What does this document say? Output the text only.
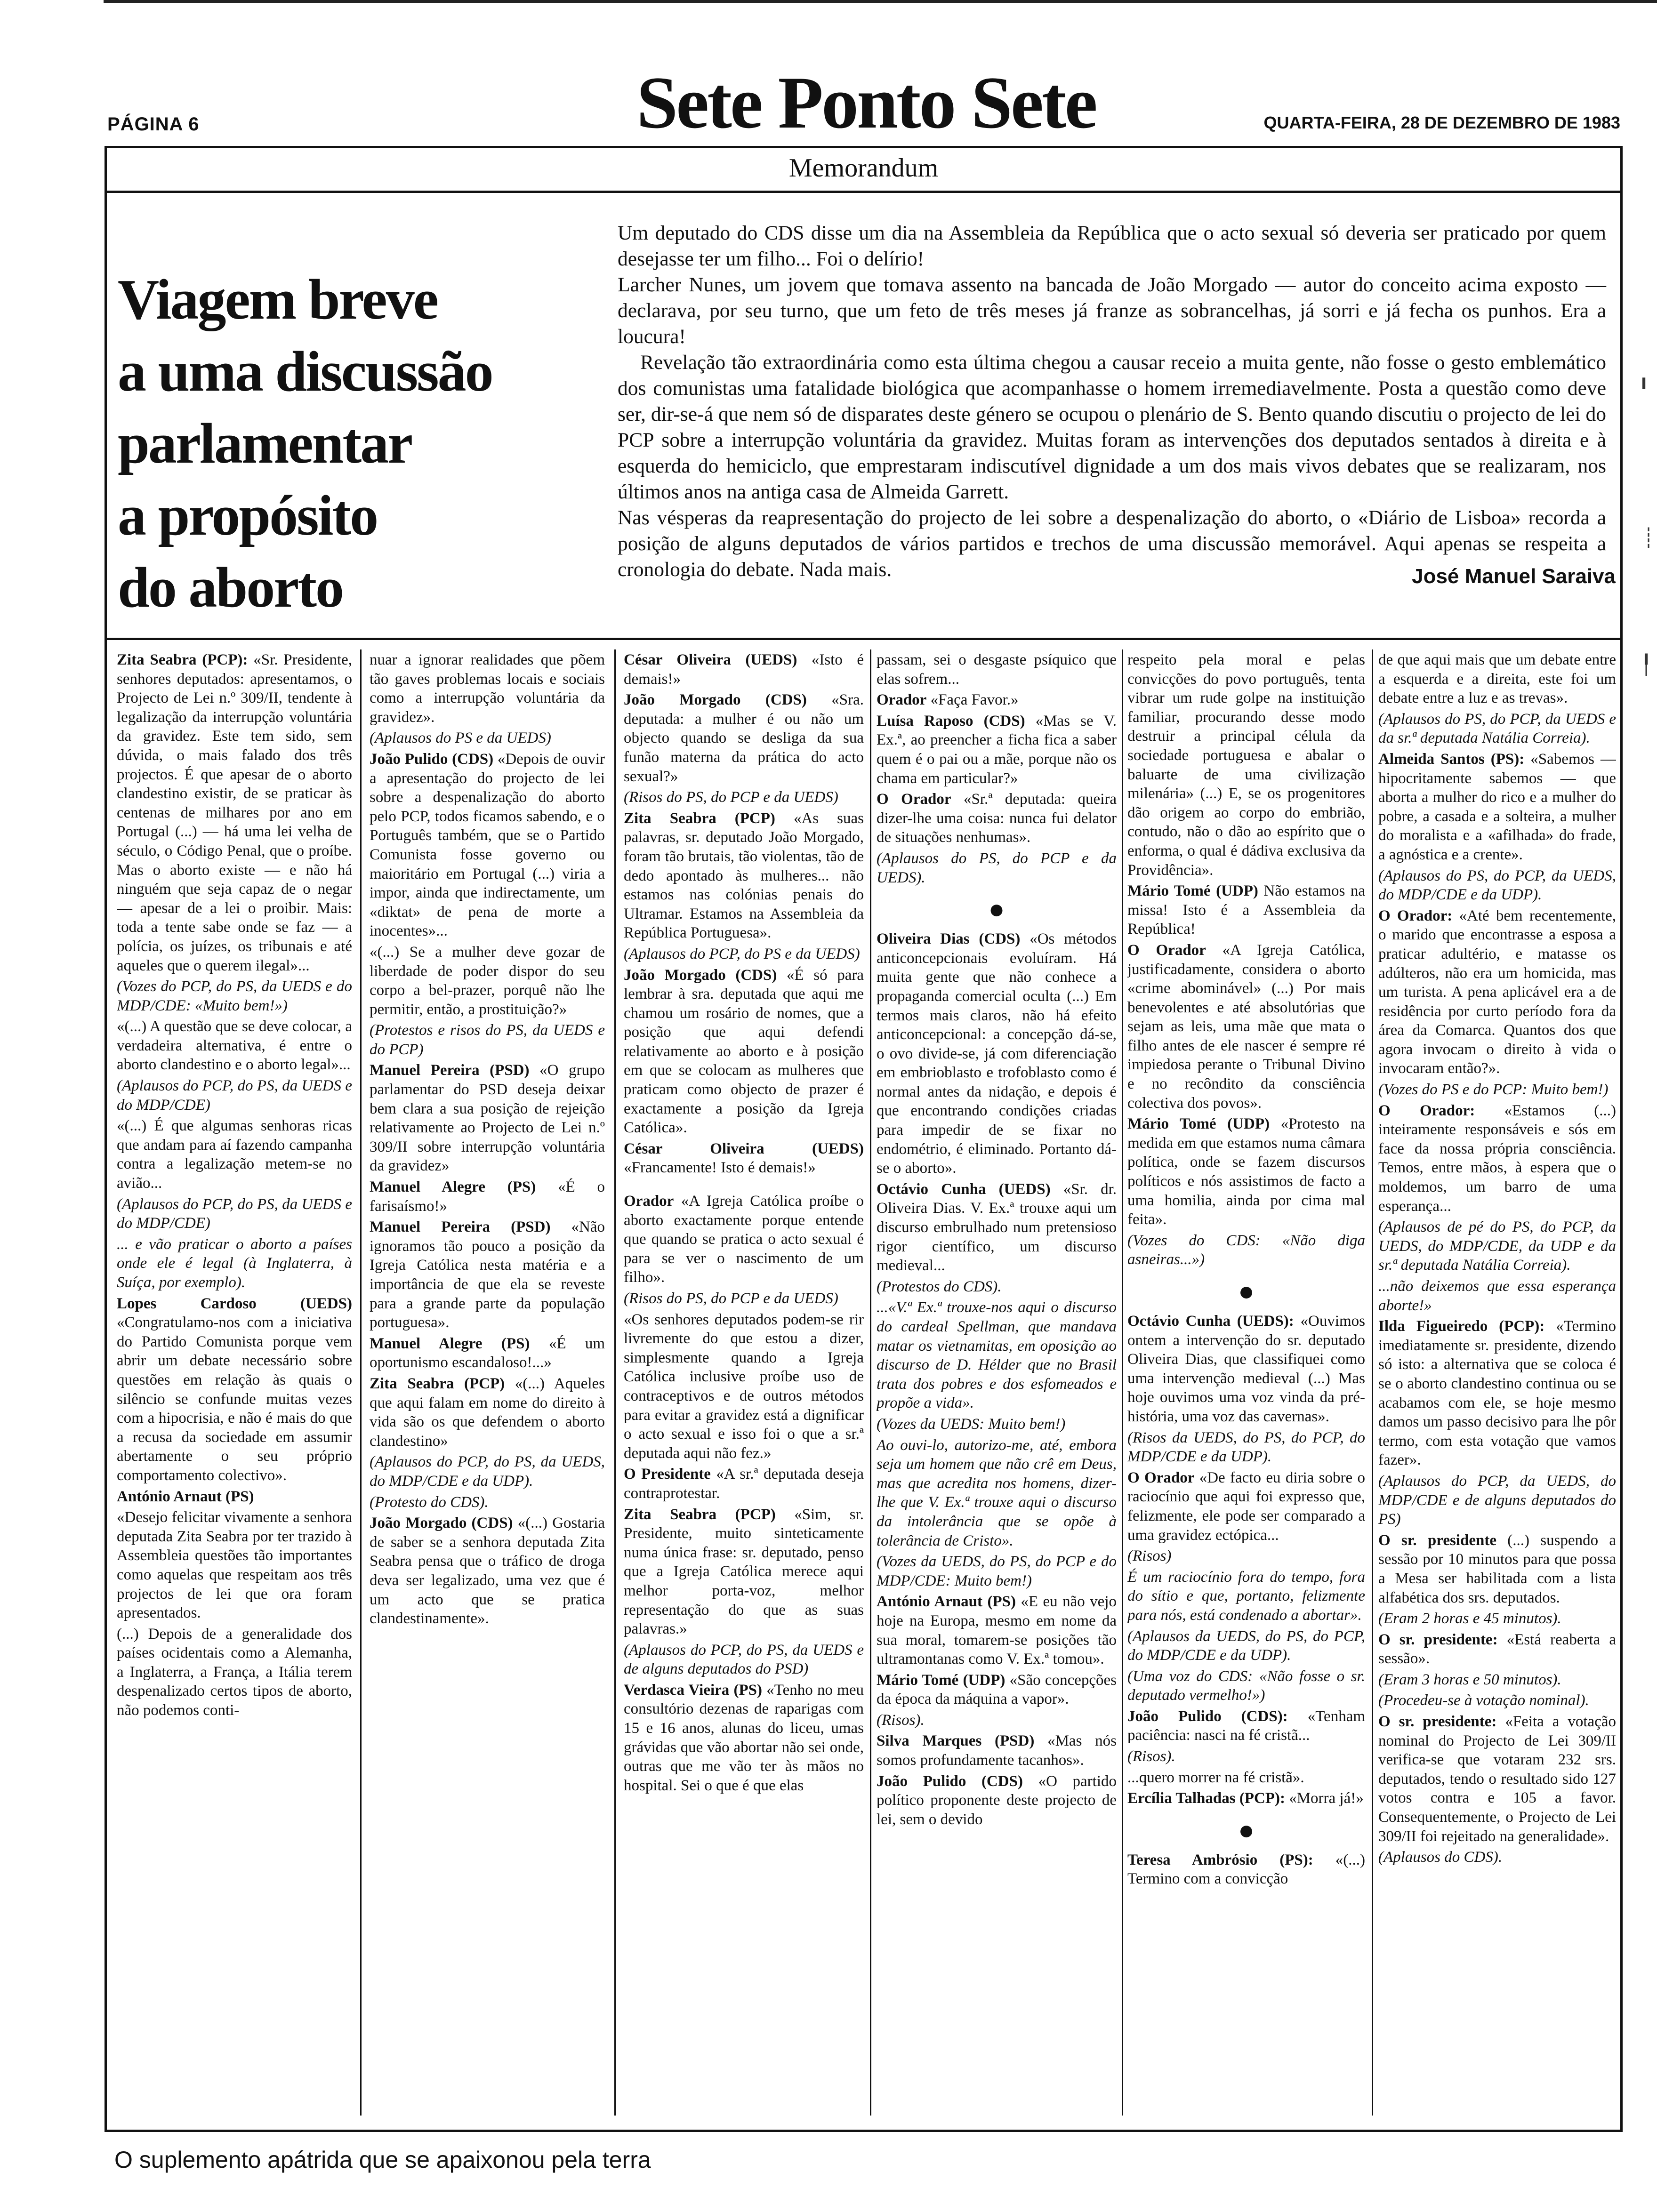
PÁGINA 6	Sete Ponto Sete	QUARTA-FEIRA, 28 DE DEZEMBRO DE 1983
Memorandum
Viagem breve
a uma discussão
parlamentar
a propósito
do aborto

Um deputado do CDS disse um dia na Assembleia da República que o acto sexual só deveria ser praticado por quem desejasse ter um filho... Foi o delírio!

Larcher Nunes, um jovem que tomava assento na bancada de João Morgado — autor do conceito acima exposto — declarava, por seu turno, que um feto de três meses já franze as sobrancelhas, já sorri e já fecha os punhos. Era a loucura!

Revelação tão extraordinária como esta última chegou a causar receio a muita gente, não fosse o gesto emblemático dos comunistas uma fatalidade biológica que acompanhasse o homem irremediavelmente. Posta a questão como deve ser, dir-se-á que nem só de disparates deste género se ocupou o plenário de S. Bento quando discutiu o projecto de lei do PCP sobre a interrupção voluntária da gravidez. Muitas foram as intervenções dos deputados sentados à direita e à esquerda do hemiciclo, que emprestaram indiscutível dignidade a um dos mais vivos debates que se realizaram, nos últimos anos na antiga casa de Almeida Garrett.

Nas vésperas da reapresentação do projecto de lei sobre a despenalização do aborto, o «Diário de Lisboa» recorda a posição de alguns deputados de vários partidos e trechos de uma discussão memorável. Aqui apenas se respeita a cronologia do debate. Nada mais.	José Manuel Saraiva

Zita Seabra (PCP): «Sr. Presidente, senhores deputados: apresentamos, o Projecto de Lei n.º 309/II, tendente à legalização da interrupção voluntária da gravidez. Este tem sido, sem dúvida, o mais falado dos três projectos. É que apesar de o aborto clandestino existir, de se praticar às centenas de milhares por ano em Portugal (...) — há uma lei velha de século, o Código Penal, que o proíbe. Mas o aborto existe — e não há ninguém que seja capaz de o negar — apesar de a lei o proibir. Mais: toda a tente sabe onde se faz — a polícia, os juízes, os tribunais e até aqueles que o querem ilegal»...

(Vozes do PCP, do PS, da UEDS e do MDP/CDE: «Muito bem!»)

«(...) A questão que se deve colocar, a verdadeira alternativa, é entre o aborto clandestino e o aborto legal»...

(Aplausos do PCP, do PS, da UEDS e do MDP/CDE)

«(...) É que algumas senhoras ricas que andam para aí fazendo campanha contra a legalização metem-se no avião...

(Aplausos do PCP, do PS, da UEDS e do MDP/CDE)

... e vão praticar o aborto a países onde ele é legal (à Inglaterra, à Suíça, por exemplo).

Lopes Cardoso (UEDS) «Congratulamo-nos com a iniciativa do Partido Comunista porque vem abrir um debate necessário sobre questões em relação às quais o silêncio se confunde muitas vezes com a hipocrisia, e não é mais do que a recusa da sociedade em assumir abertamente o seu próprio comportamento colectivo».

António Arnaut (PS)

«Desejo felicitar vivamente a senhora deputada Zita Seabra por ter trazido à Assembleia questões tão importantes como aquelas que respeitam aos três projectos de lei que ora foram apresentados.

(...) Depois de a generalidade dos países ocidentais como a Alemanha, a Inglaterra, a França, a Itália terem despenalizado certos tipos de aborto, não podemos conti-

nuar a ignorar realidades que põem tão gaves problemas locais e sociais como a interrupção voluntária da gravidez».

(Aplausos do PS e da UEDS)

João Pulido (CDS) «Depois de ouvir a apresentação do projecto de lei sobre a despenalização do aborto pelo PCP, todos ficamos sabendo, e o Português também, que se o Partido Comunista fosse governo ou maioritário em Portugal (...) viria a impor, ainda que indirectamente, um «diktat» de pena de morte a inocentes»...

«(...) Se a mulher deve gozar de liberdade de poder dispor do seu corpo a bel-prazer, porquê não lhe permitir, então, a prostituição?»

(Protestos e risos do PS, da UEDS e do PCP)

Manuel Pereira (PSD) «O grupo parlamentar do PSD deseja deixar bem clara a sua posição de rejeição relativamente ao Projecto de Lei n.º 309/II sobre interrupção voluntária da gravidez»

Manuel Alegre (PS) «É o farisaísmo!»

Manuel Pereira (PSD) «Não ignoramos tão pouco a posição da Igreja Católica nesta matéria e a importância de que ela se reveste para a grande parte da população portuguesa».

Manuel Alegre (PS) «É um oportunismo escandaloso!...»

Zita Seabra (PCP) «(...) Aqueles que aqui falam em nome do direito à vida são os que defendem o aborto clandestino»

(Aplausos do PCP, do PS, da UEDS, do MDP/CDE e da UDP).

(Protesto do CDS).

João Morgado (CDS) «(...) Gostaria de saber se a senhora deputada Zita Seabra pensa que o tráfico de droga deva ser legalizado, uma vez que é um acto que se pratica clandestinamente».

César Oliveira (UEDS) «Isto é demais!»

João Morgado (CDS) «Sra. deputada: a mulher é ou não um objecto quando se desliga da sua funão materna da prática do acto sexual?»

(Risos do PS, do PCP e da UEDS)

Zita Seabra (PCP) «As suas palavras, sr. deputado João Morgado, foram tão brutais, tão violentas, tão de dedo apontado às mulheres... não estamos nas colónias penais do Ultramar. Estamos na Assembleia da República Portuguesa».

(Aplausos do PCP, do PS e da UEDS)

João Morgado (CDS) «É só para lembrar à sra. deputada que aqui me chamou um rosário de nomes, que a posição que aqui defendi relativamente ao aborto e à posição em que se colocam as mulheres que praticam como objecto de prazer é exactamente a posição da Igreja Católica».

César Oliveira (UEDS) «Francamente! Isto é demais!»

Orador «A Igreja Católica proíbe o aborto exactamente porque entende que quando se pratica o acto sexual é para se ver o nascimento de um filho».

(Risos do PS, do PCP e da UEDS)

«Os senhores deputados podem-se rir livremente do que estou a dizer, simplesmente quando a Igreja Católica inclusive proíbe uso de contraceptivos e de outros métodos para evitar a gravidez está a dignificar o acto sexual e isso foi o que a sr.ª deputada aqui não fez.»

O Presidente «A sr.ª deputada deseja contraprotestar.

Zita Seabra (PCP) «Sim, sr. Presidente, muito sinteticamente numa única frase: sr. deputado, penso que a Igreja Católica merece aqui melhor porta-voz, melhor representação do que as suas palavras.»

(Aplausos do PCP, do PS, da UEDS e de alguns deputados do PSD)

Verdasca Vieira (PS) «Tenho no meu consultório dezenas de raparigas com 15 e 16 anos, alunas do liceu, umas grávidas que vão abortar não sei onde, outras que me vão ter às mãos no hospital. Sei o que é que elas

passam, sei o desgaste psíquico que elas sofrem...

Orador «Faça Favor.»

Luísa Raposo (CDS) «Mas se V. Ex.ª, ao preencher a ficha fica a saber quem é o pai ou a mãe, porque não os chama em particular?»

O Orador «Sr.ª deputada: queira dizer-lhe uma coisa: nunca fui delator de situações nenhumas».

(Aplausos do PS, do PCP e da UEDS).

●

Oliveira Dias (CDS) «Os métodos anticoncepcionais evoluíram. Há muita gente que não conhece a propaganda comercial oculta (...) Em termos mais claros, não há efeito anticoncepcional: a concepção dá-se, o ovo divide-se, já com diferenciação em embrioblasto e trofoblasto como é normal antes da nidação, e depois é que encontrando condições criadas para impedir de se fixar no endométrio, é eliminado. Portanto dá-se o aborto».

Octávio Cunha (UEDS) «Sr. dr. Oliveira Dias. V. Ex.ª trouxe aqui um discurso embrulhado num pretensioso rigor científico, um discurso medieval...

(Protestos do CDS).

...«V.ª Ex.ª trouxe-nos aqui o discurso do cardeal Spellman, que mandava matar os vietnamitas, em oposição ao discurso de D. Hélder que no Brasil trata dos pobres e dos esfomeados e propõe a vida».

(Vozes da UEDS: Muito bem!)

Ao ouvi-lo, autorizo-me, até, embora seja um homem que não crê em Deus, mas que acredita nos homens, dizer-lhe que V. Ex.ª trouxe aqui o discurso da intolerância que se opõe à tolerância de Cristo».

(Vozes da UEDS, do PS, do PCP e do MDP/CDE: Muito bem!)

António Arnaut (PS) «E eu não vejo hoje na Europa, mesmo em nome da sua moral, tomarem-se posições tão ultramontanas como V. Ex.ª tomou».

Mário Tomé (UDP) «São concepções da época da máquina a vapor».

(Risos).

Silva Marques (PSD) «Mas nós somos profundamente tacanhos».

João Pulido (CDS) «O partido político proponente deste projecto de lei, sem o devido

respeito pela moral e pelas convicções do povo português, tenta vibrar um rude golpe na instituição familiar, procurando desse modo destruir a principal célula da sociedade portuguesa e abalar o baluarte de uma civilização milenária» (...) E, se os progenitores dão origem ao corpo do embrião, contudo, não o dão ao espírito que o enforma, o qual é dádiva exclusiva da Providência».

Mário Tomé (UDP) Não estamos na missa! Isto é a Assembleia da República!

O Orador «A Igreja Católica, justificadamente, considera o aborto «crime abominável» (...) Por mais benevolentes e até absolutórias que sejam as leis, uma mãe que mata o filho antes de ele nascer é sempre ré impiedosa perante o Tribunal Divino e no recôndito da consciência colectiva dos povos».

Mário Tomé (UDP) «Protesto na medida em que estamos numa câmara política, onde se fazem discursos políticos e nós assistimos de facto a uma homilia, ainda por cima mal feita».

(Vozes do CDS: «Não diga asneiras...»)

●

Octávio Cunha (UEDS): «Ouvimos ontem a intervenção do sr. deputado Oliveira Dias, que classifiquei como uma intervenção medieval (...) Mas hoje ouvimos uma voz vinda da pré-história, uma voz das cavernas».

(Risos da UEDS, do PS, do PCP, do MDP/CDE e da UDP).

O Orador «De facto eu diria sobre o raciocínio que aqui foi expresso que, felizmente, ele pode ser comparado a uma gravidez ectópica...

(Risos)

É um raciocínio fora do tempo, fora do sítio e que, portanto, felizmente para nós, está condenado a abortar».

(Aplausos da UEDS, do PS, do PCP, do MDP/CDE e da UDP).

(Uma voz do CDS: «Não fosse o sr. deputado vermelho!»)

João Pulido (CDS): «Tenham paciência: nasci na fé cristã...

(Risos).

...quero morrer na fé cristã».

Ercília Talhadas (PCP): «Morra já!»

●

Teresa Ambrósio (PS): «(...) Termino com a convicção

de que aqui mais que um debate entre a esquerda e a direita, este foi um debate entre a luz e as trevas».

(Aplausos do PS, do PCP, da UEDS e da sr.ª deputada Natália Correia).

Almeida Santos (PS): «Sabemos — hipocritamente sabemos — que aborta a mulher do rico e a mulher do pobre, a casada e a solteira, a mulher do moralista e a «afilhada» do frade, a agnóstica e a crente».

(Aplausos do PS, do PCP, da UEDS, do MDP/CDE e da UDP).

O Orador: «Até bem recentemente, o marido que encontrasse a esposa a praticar adultério, e matasse os adúlteros, não era um homicida, mas um turista. A pena aplicável era a de residência por curto período fora da área da Comarca. Quantos dos que agora invocam o direito à vida o invocaram então?».

(Vozes do PS e do PCP: Muito bem!)

O Orador: «Estamos (...) inteiramente responsáveis e sós em face da nossa própria consciência. Temos, entre mãos, à espera que o moldemos, um barro de uma esperança...

(Aplausos de pé do PS, do PCP, da UEDS, do MDP/CDE, da UDP e da sr.ª deputada Natália Correia).

...não deixemos que essa esperança aborte!»

Ilda Figueiredo (PCP): «Termino imediatamente sr. presidente, dizendo só isto: a alternativa que se coloca é se o aborto clandestino continua ou se acabamos com ele, se hoje mesmo damos um passo decisivo para lhe pôr termo, com esta votação que vamos fazer».

(Aplausos do PCP, da UEDS, do MDP/CDE e de alguns deputados do PS)

O sr. presidente (...) suspendo a sessão por 10 minutos para que possa a Mesa ser habilitada com a lista alfabética dos srs. deputados.

(Eram 2 horas e 45 minutos).

O sr. presidente: «Está reaberta a sessão».

(Eram 3 horas e 50 minutos).

(Procedeu-se à votação nominal).

O sr. presidente: «Feita a votação nominal do Projecto de Lei 309/II verifica-se que votaram 232 srs. deputados, tendo o resultado sido 127 votos contra e 105 a favor. Consequentemente, o Projecto de Lei 309/II foi rejeitado na generalidade».

(Aplausos do CDS).

O suplemento apátrida que se apaixonou pela terra
╻
┊
╿
